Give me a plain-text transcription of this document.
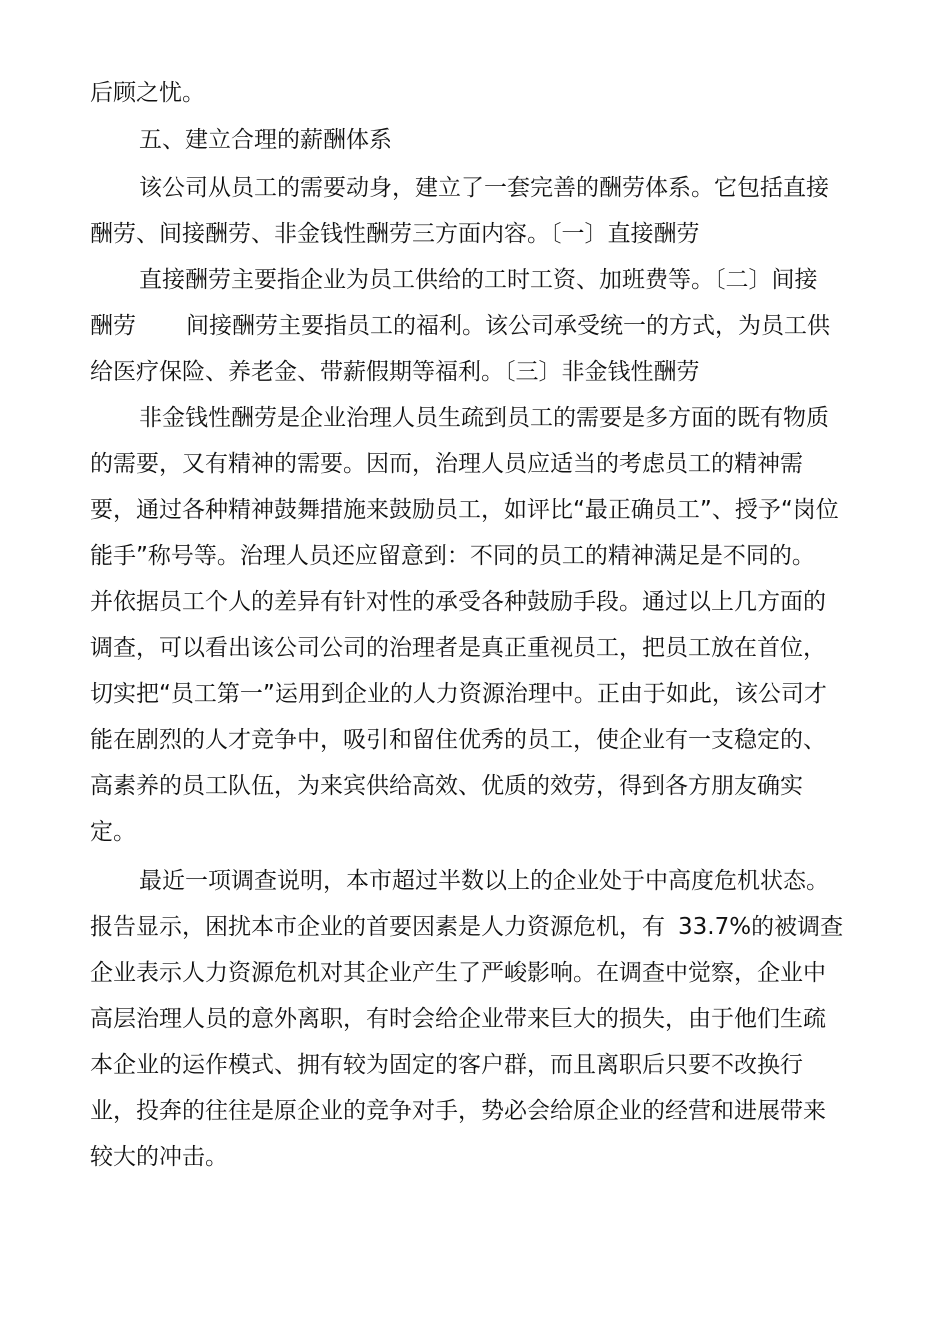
后顾之忧。

五、建立合理的薪酬体系

该公司从员工的需要动身，建立了一套完善的酬劳体系。它包括直接

酬劳、间接酬劳、非金钱性酬劳三方面内容。〔一〕直接酬劳

直接酬劳主要指企业为员工供给的工时工资、加班费等。〔二〕间接

酬劳 间接酬劳主要指员工的福利。该公司承受统一的方式，为员工供

给医疗保险、养老金、带薪假期等福利。〔三〕非金钱性酬劳

非金钱性酬劳是企业治理人员生疏到员工的需要是多方面的既有物质

的需要，又有精神的需要。因而，治理人员应适当的考虑员工的精神需

要，通过各种精神鼓舞措施来鼓励员工，如评比“最正确员工”、授予“岗位

能手”称号等。治理人员还应留意到：不同的员工的精神满足是不同的。

并依据员工个人的差异有针对性的承受各种鼓励手段。通过以上几方面的

调查，可以看出该公司公司的治理者是真正重视员工，把员工放在首位，

切实把“员工第一”运用到企业的人力资源治理中。正由于如此，该公司才

能在剧烈的人才竞争中，吸引和留住优秀的员工，使企业有一支稳定的、

高素养的员工队伍，为来宾供给高效、优质的效劳，得到各方朋友确实

定。

最近一项调查说明，本市超过半数以上的企业处于中高度危机状态。

报告显示，困扰本市企业的首要因素是人力资源危机，有 33.7%的被调查

企业表示人力资源危机对其企业产生了严峻影响。在调查中觉察，企业中

高层治理人员的意外离职，有时会给企业带来巨大的损失，由于他们生疏

本企业的运作模式、拥有较为固定的客户群，而且离职后只要不改换行

业，投奔的往往是原企业的竞争对手，势必会给原企业的经营和进展带来

较大的冲击。
